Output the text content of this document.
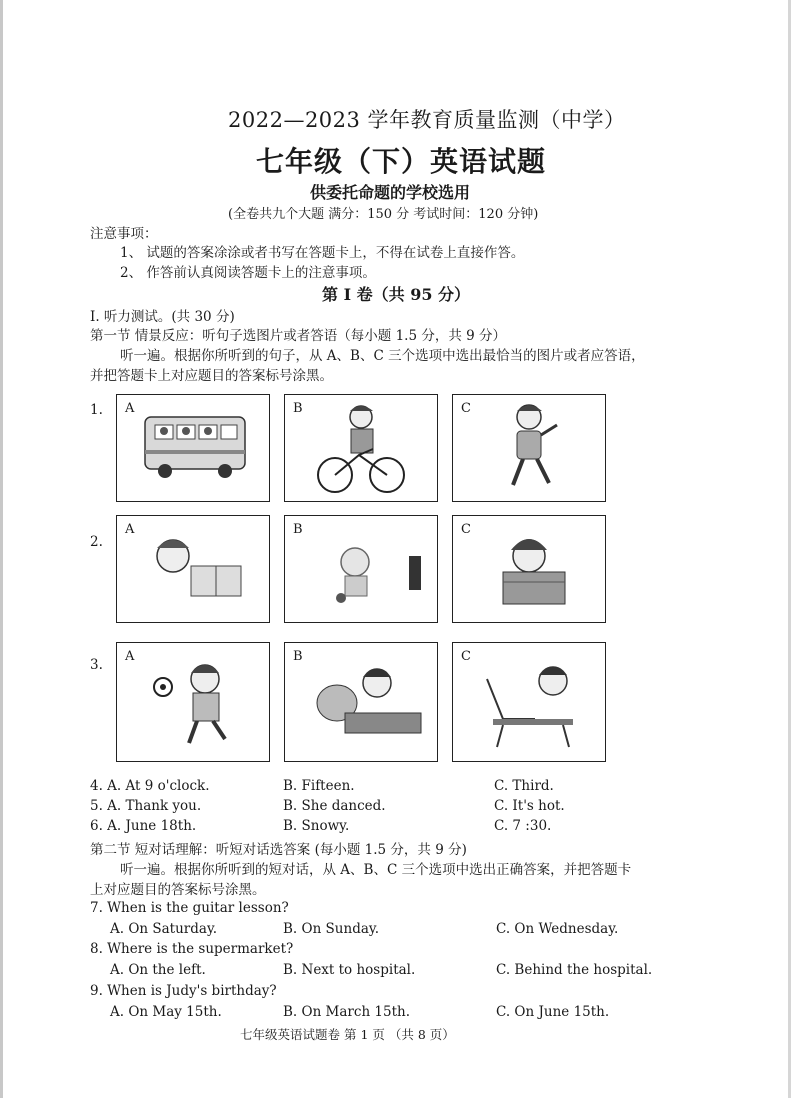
2022—2023 学年教育质量监测（中学）
七年级（下）英语试题
供委托命题的学校选用
(全卷共九个大题 满分：150 分 考试时间：120 分钟)
注意事项：
1、 试题的答案凃涂或者书写在答题卡上，不得在试卷上直接作答。
2、 作答前认真阅读答题卡上的注意事项。
第 I 卷（共 95 分）
I. 听力测试。(共 30 分)
第一节 情景反应：听句子选图片或者答语（每小题 1.5 分，共 9 分）
听一遍。根据你所听到的句子，从 A、B、C 三个选项中选出最恰当的图片或者应答语，
并把答题卡上对应题目的答案标号涂黑。
1. A	B	C
2.
A	B	C
3.
A	B	C
4. A. At 9 o'clock.	B. Fifteen.	C. Third.
5. A. Thank you.	B. She danced.	C. It's hot.
6. A. June 18th.	B. Snowy.	C. 7 :30.
第二节 短对话理解：听短对话选答案 (每小题 1.5 分，共 9 分)
听一遍。根据你所听到的短对话，从 A、B、C 三个选项中选出正确答案，并把答题卡
上对应题目的答案标号涂黑。
7. When is the guitar lesson?
A. On Saturday.	B. On Sunday.	C. On Wednesday.
8. Where is the supermarket?
A. On the left.	B. Next to hospital.	C. Behind the hospital.
9. When is Judy's birthday?
A. On May 15th.	B. On March 15th.	C. On June 15th.
七年级英语试题卷 第 1 页 （共 8 页）
